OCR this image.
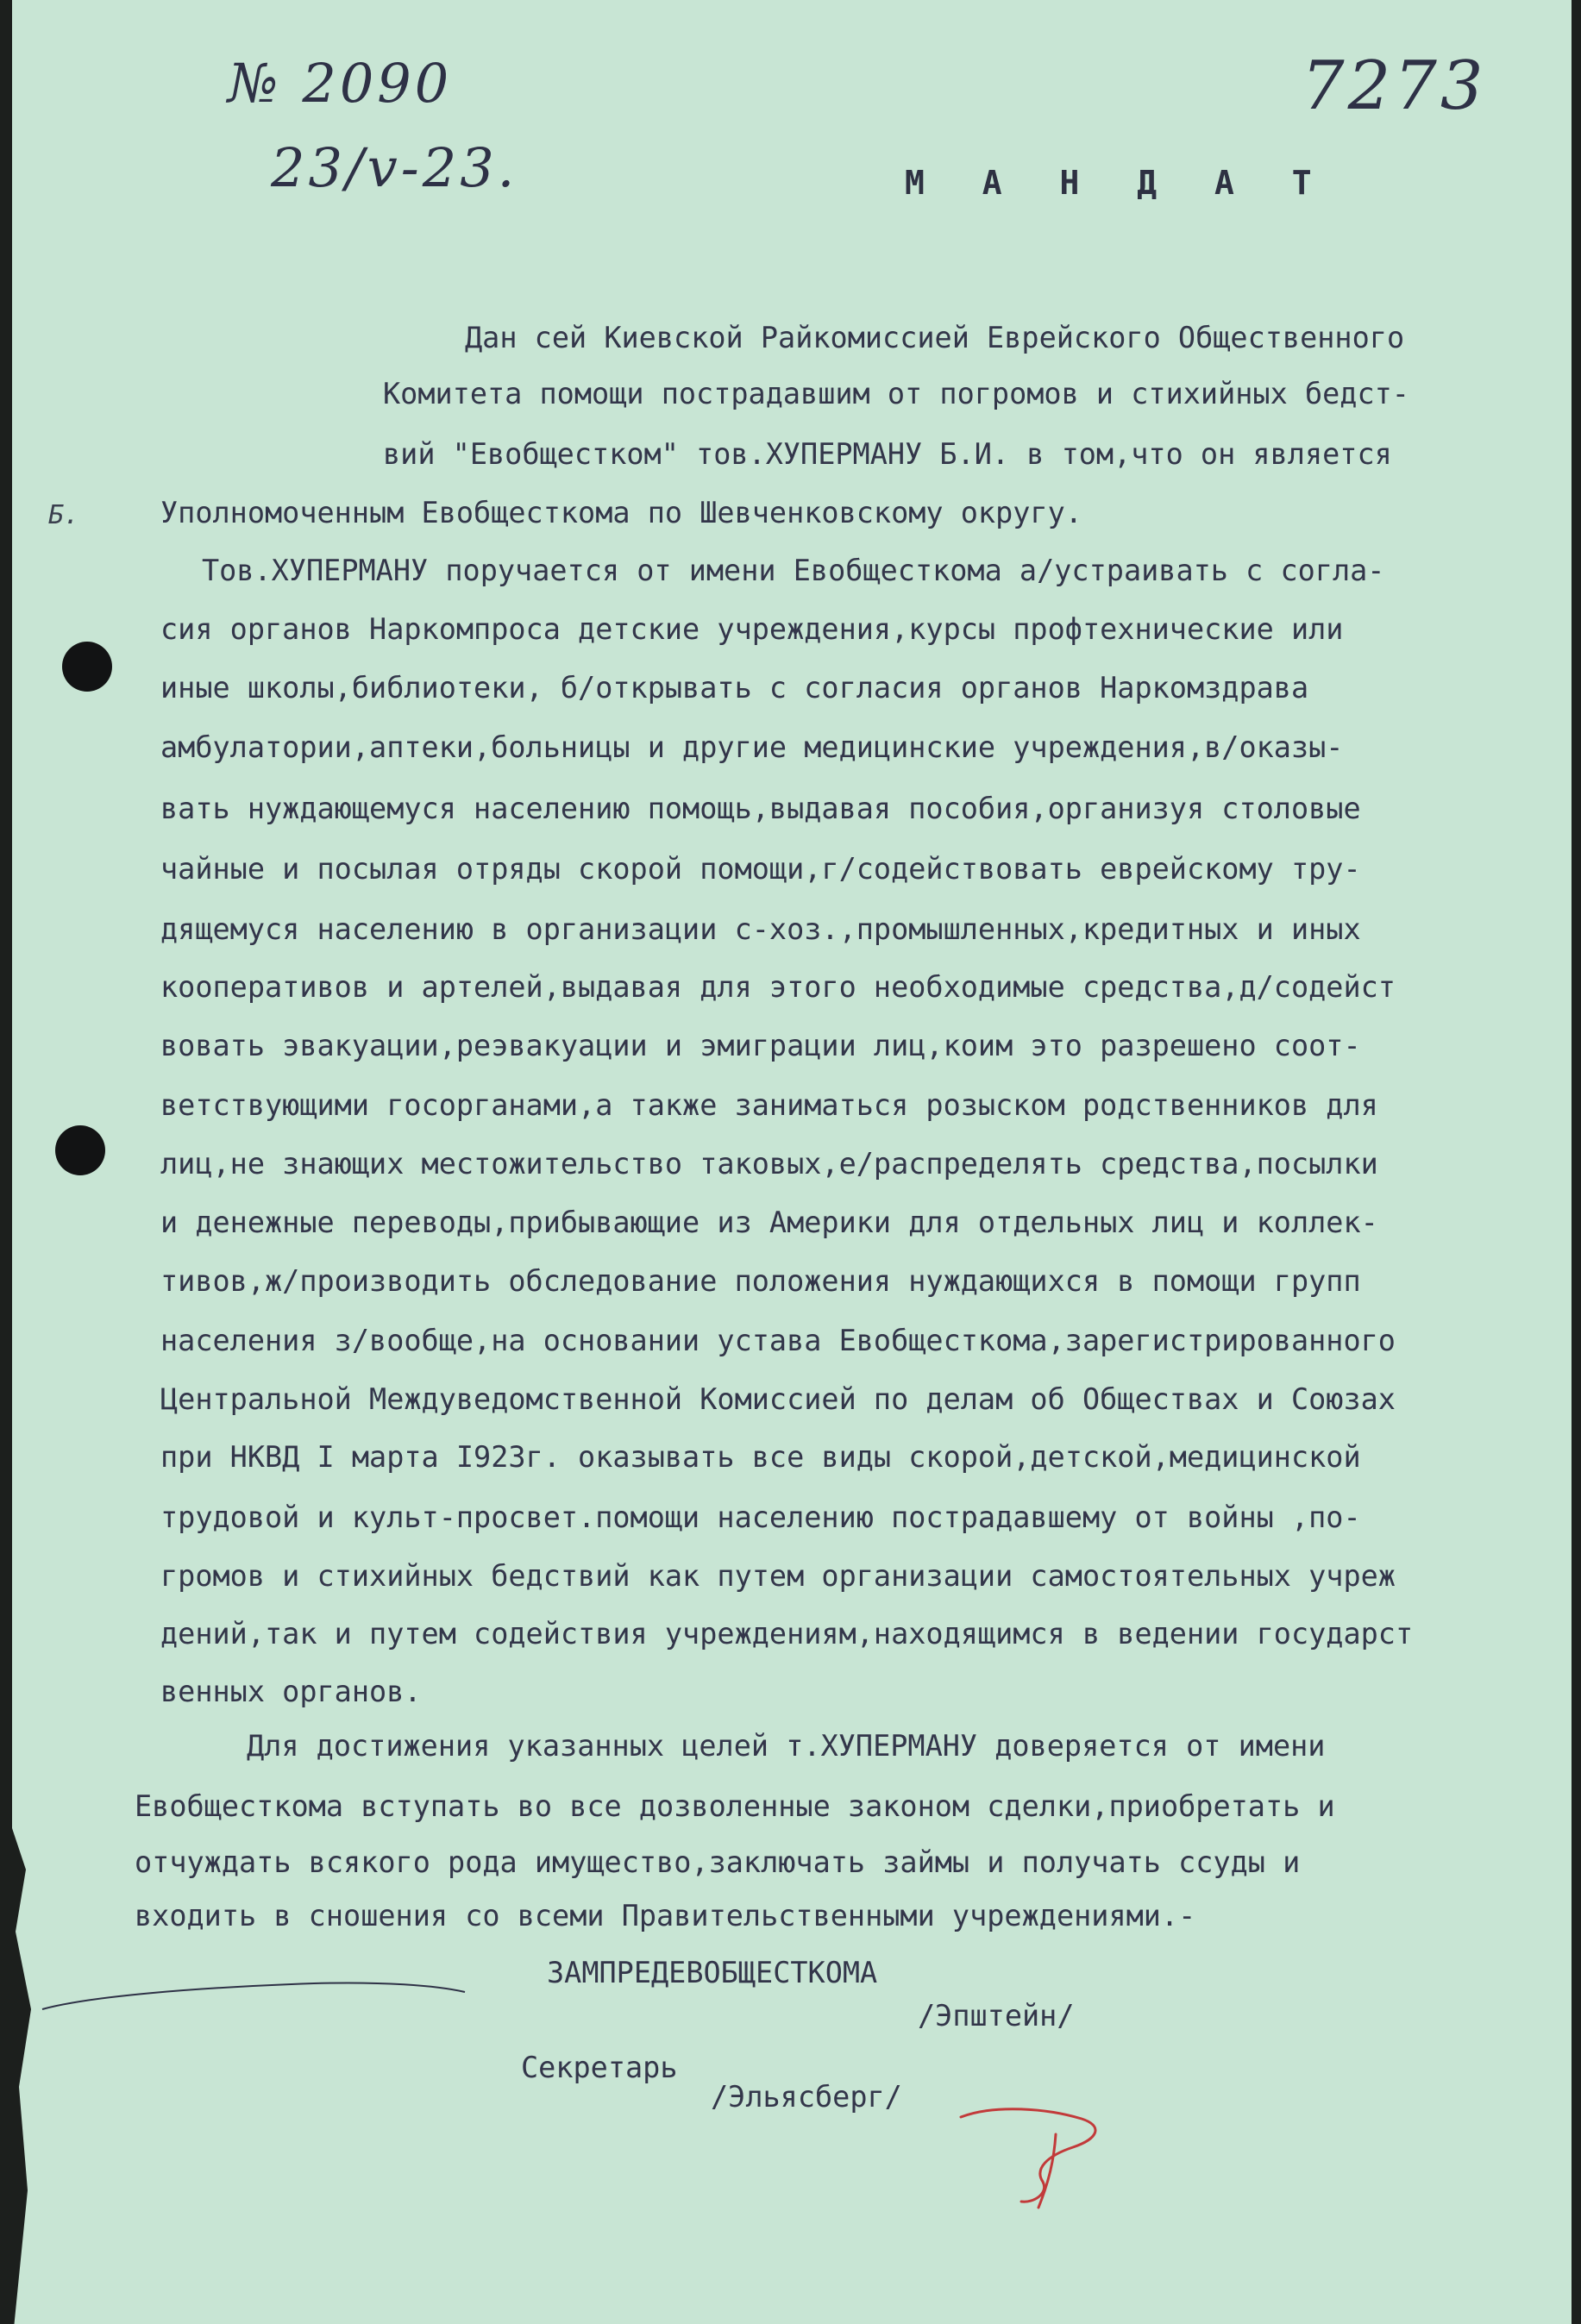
№ 2090
23/v-23.
7273
М А Н Д А Т
Дан сей Киевской Райкомиссией Еврейского Общественного
Комитета помощи пострадавшим от погромов и стихийных бедст-
вий "Евобщестком" тов.ХУПЕРМАНУ Б.И. в том,что он является
Уполномоченным Евобщесткома по Шевченковскому округу.
Тов.ХУПЕРМАНУ поручается от имени Евобщесткома а/устраивать с согла-
сия органов Наркомпроса детские учреждения,курсы профтехнические или
иные школы,библиотеки, б/открывать с согласия органов Наркомздрава
амбулатории,аптеки,больницы и другие медицинские учреждения,в/оказы-
вать нуждающемуся населению помощь,выдавая пособия,организуя столовые
чайные и посылая отряды скорой помощи,г/содействовать еврейскому тру-
дящемуся населению в организации с-хоз.,промышленных,кредитных и иных
кооперативов и артелей,выдавая для этого необходимые средства,д/содейст
вовать эвакуации,реэвакуации и эмиграции лиц,коим это разрешено соот-
ветствующими госорганами,а также заниматься розыском родственников для
лиц,не знающих местожительство таковых,е/распределять средства,посылки
и денежные переводы,прибывающие из Америки для отдельных лиц и коллек-
тивов,ж/производить обследование положения нуждающихся в помощи групп
населения з/вообще,на основании устава Евобщесткома,зарегистрированного
Центральной Междуведомственной Комиссией по делам об Обществах и Союзах
при НКВД I марта I923г. оказывать все виды скорой,детской,медицинской
трудовой и культ-просвет.помощи населению пострадавшему от войны ,по-
громов и стихийных бедствий как путем организации самостоятельных учреж
дений,так и путем содействия учреждениям,находящимся в ведении государст
венных органов.
Для достижения указанных целей т.ХУПЕРМАНУ доверяется от имени
Евобщесткома вступать во все дозволенные законом сделки,приобретать и
отчуждать всякого рода имущество,заключать займы и получать ссуды и
входить в сношения со всеми Правительственными учреждениями.-
ЗАМПРЕДЕВОБЩЕСТКОМА
/Эпштейн/
Секретарь
/Эльясберг/
Б.
